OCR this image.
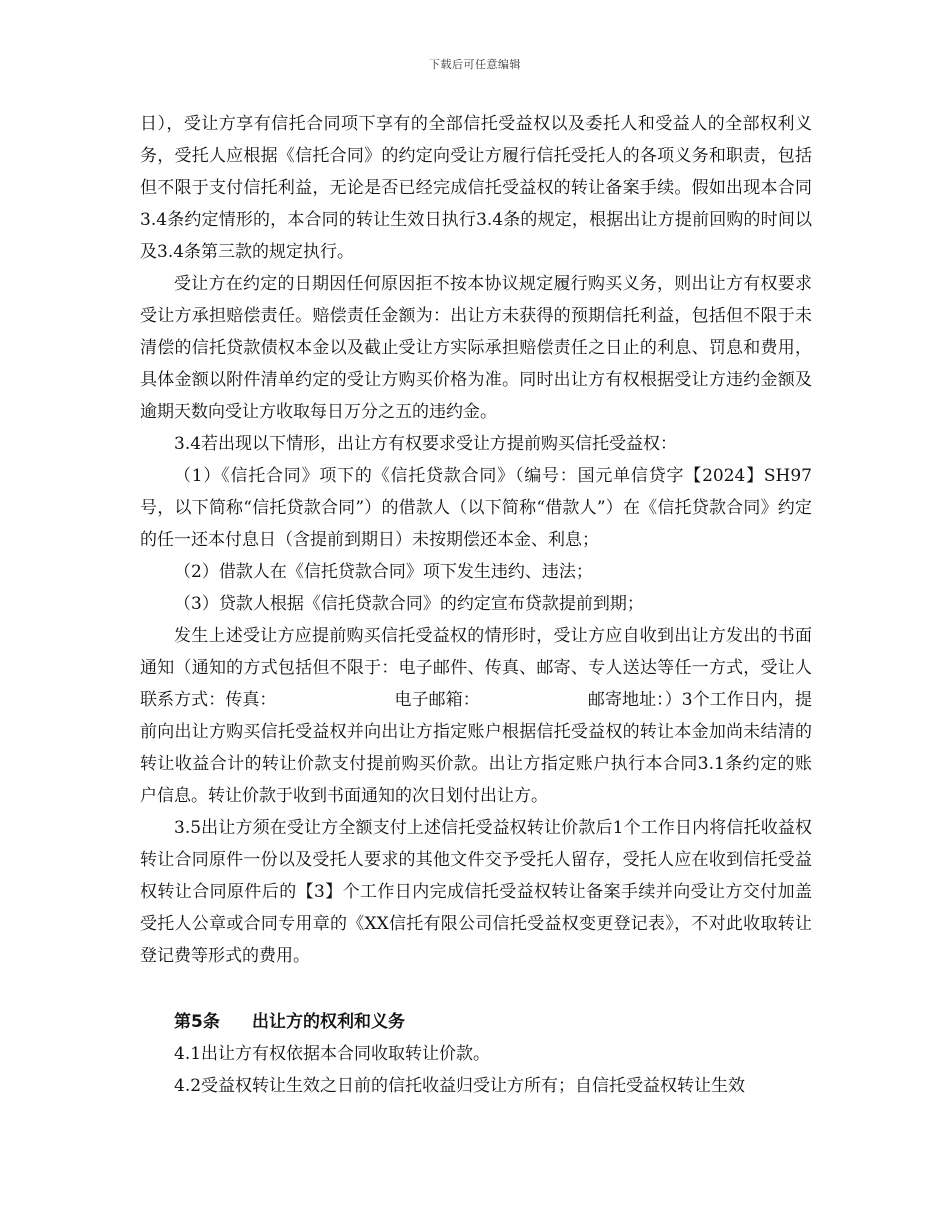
下载后可任意编辑

日），受让方享有信托合同项下享有的全部信托受益权以及委托人和受益人的全部权利义务，受托人应根据《信托合同》的约定向受让方履行信托受托人的各项义务和职责，包括但不限于支付信托利益，无论是否已经完成信托受益权的转让备案手续。假如出现本合同3.4条约定情形的，本合同的转让生效日执行3.4条的规定，根据出让方提前回购的时间以及3.4条第三款的规定执行。

受让方在约定的日期因任何原因拒不按本协议规定履行购买义务，则出让方有权要求受让方承担赔偿责任。赔偿责任金额为：出让方未获得的预期信托利益，包括但不限于未清偿的信托贷款债权本金以及截止受让方实际承担赔偿责任之日止的利息、罚息和费用，具体金额以附件清单约定的受让方购买价格为准。同时出让方有权根据受让方违约金额及逾期天数向受让方收取每日万分之五的违约金。

3.4若出现以下情形，出让方有权要求受让方提前购买信托受益权：

（1）《信托合同》项下的《信托贷款合同》（编号：国元单信贷字【2024】SH97号，以下简称“信托贷款合同”）的借款人（以下简称“借款人”）在《信托贷款合同》约定的任一还本付息日（含提前到期日）未按期偿还本金、利息；

（2）借款人在《信托贷款合同》项下发生违约、违法；

（3）贷款人根据《信托贷款合同》的约定宣布贷款提前到期；

发生上述受让方应提前购买信托受益权的情形时，受让方应自收到出让方发出的书面通知（通知的方式包括但不限于：电子邮件、传真、邮寄、专人送达等任一方式，受让人联系方式：传真：	电子邮箱：	邮寄地址：）3个工作日内，提前向出让方购买信托受益权并向出让方指定账户根据信托受益权的转让本金加尚未结清的转让收益合计的转让价款支付提前购买价款。出让方指定账户执行本合同3.1条约定的账户信息。转让价款于收到书面通知的次日划付出让方。

3.5出让方须在受让方全额支付上述信托受益权转让价款后1个工作日内将信托收益权转让合同原件一份以及受托人要求的其他文件交予受托人留存，受托人应在收到信托受益权转让合同原件后的【3】个工作日内完成信托受益权转让备案手续并向受让方交付加盖受托人公章或合同专用章的《XX信托有限公司信托受益权变更登记表》，不对此收取转让登记费等形式的费用。

第5条 出让方的权利和义务

4.1出让方有权依据本合同收取转让价款。

4.2受益权转让生效之日前的信托收益归受让方所有；自信托受益权转让生效
